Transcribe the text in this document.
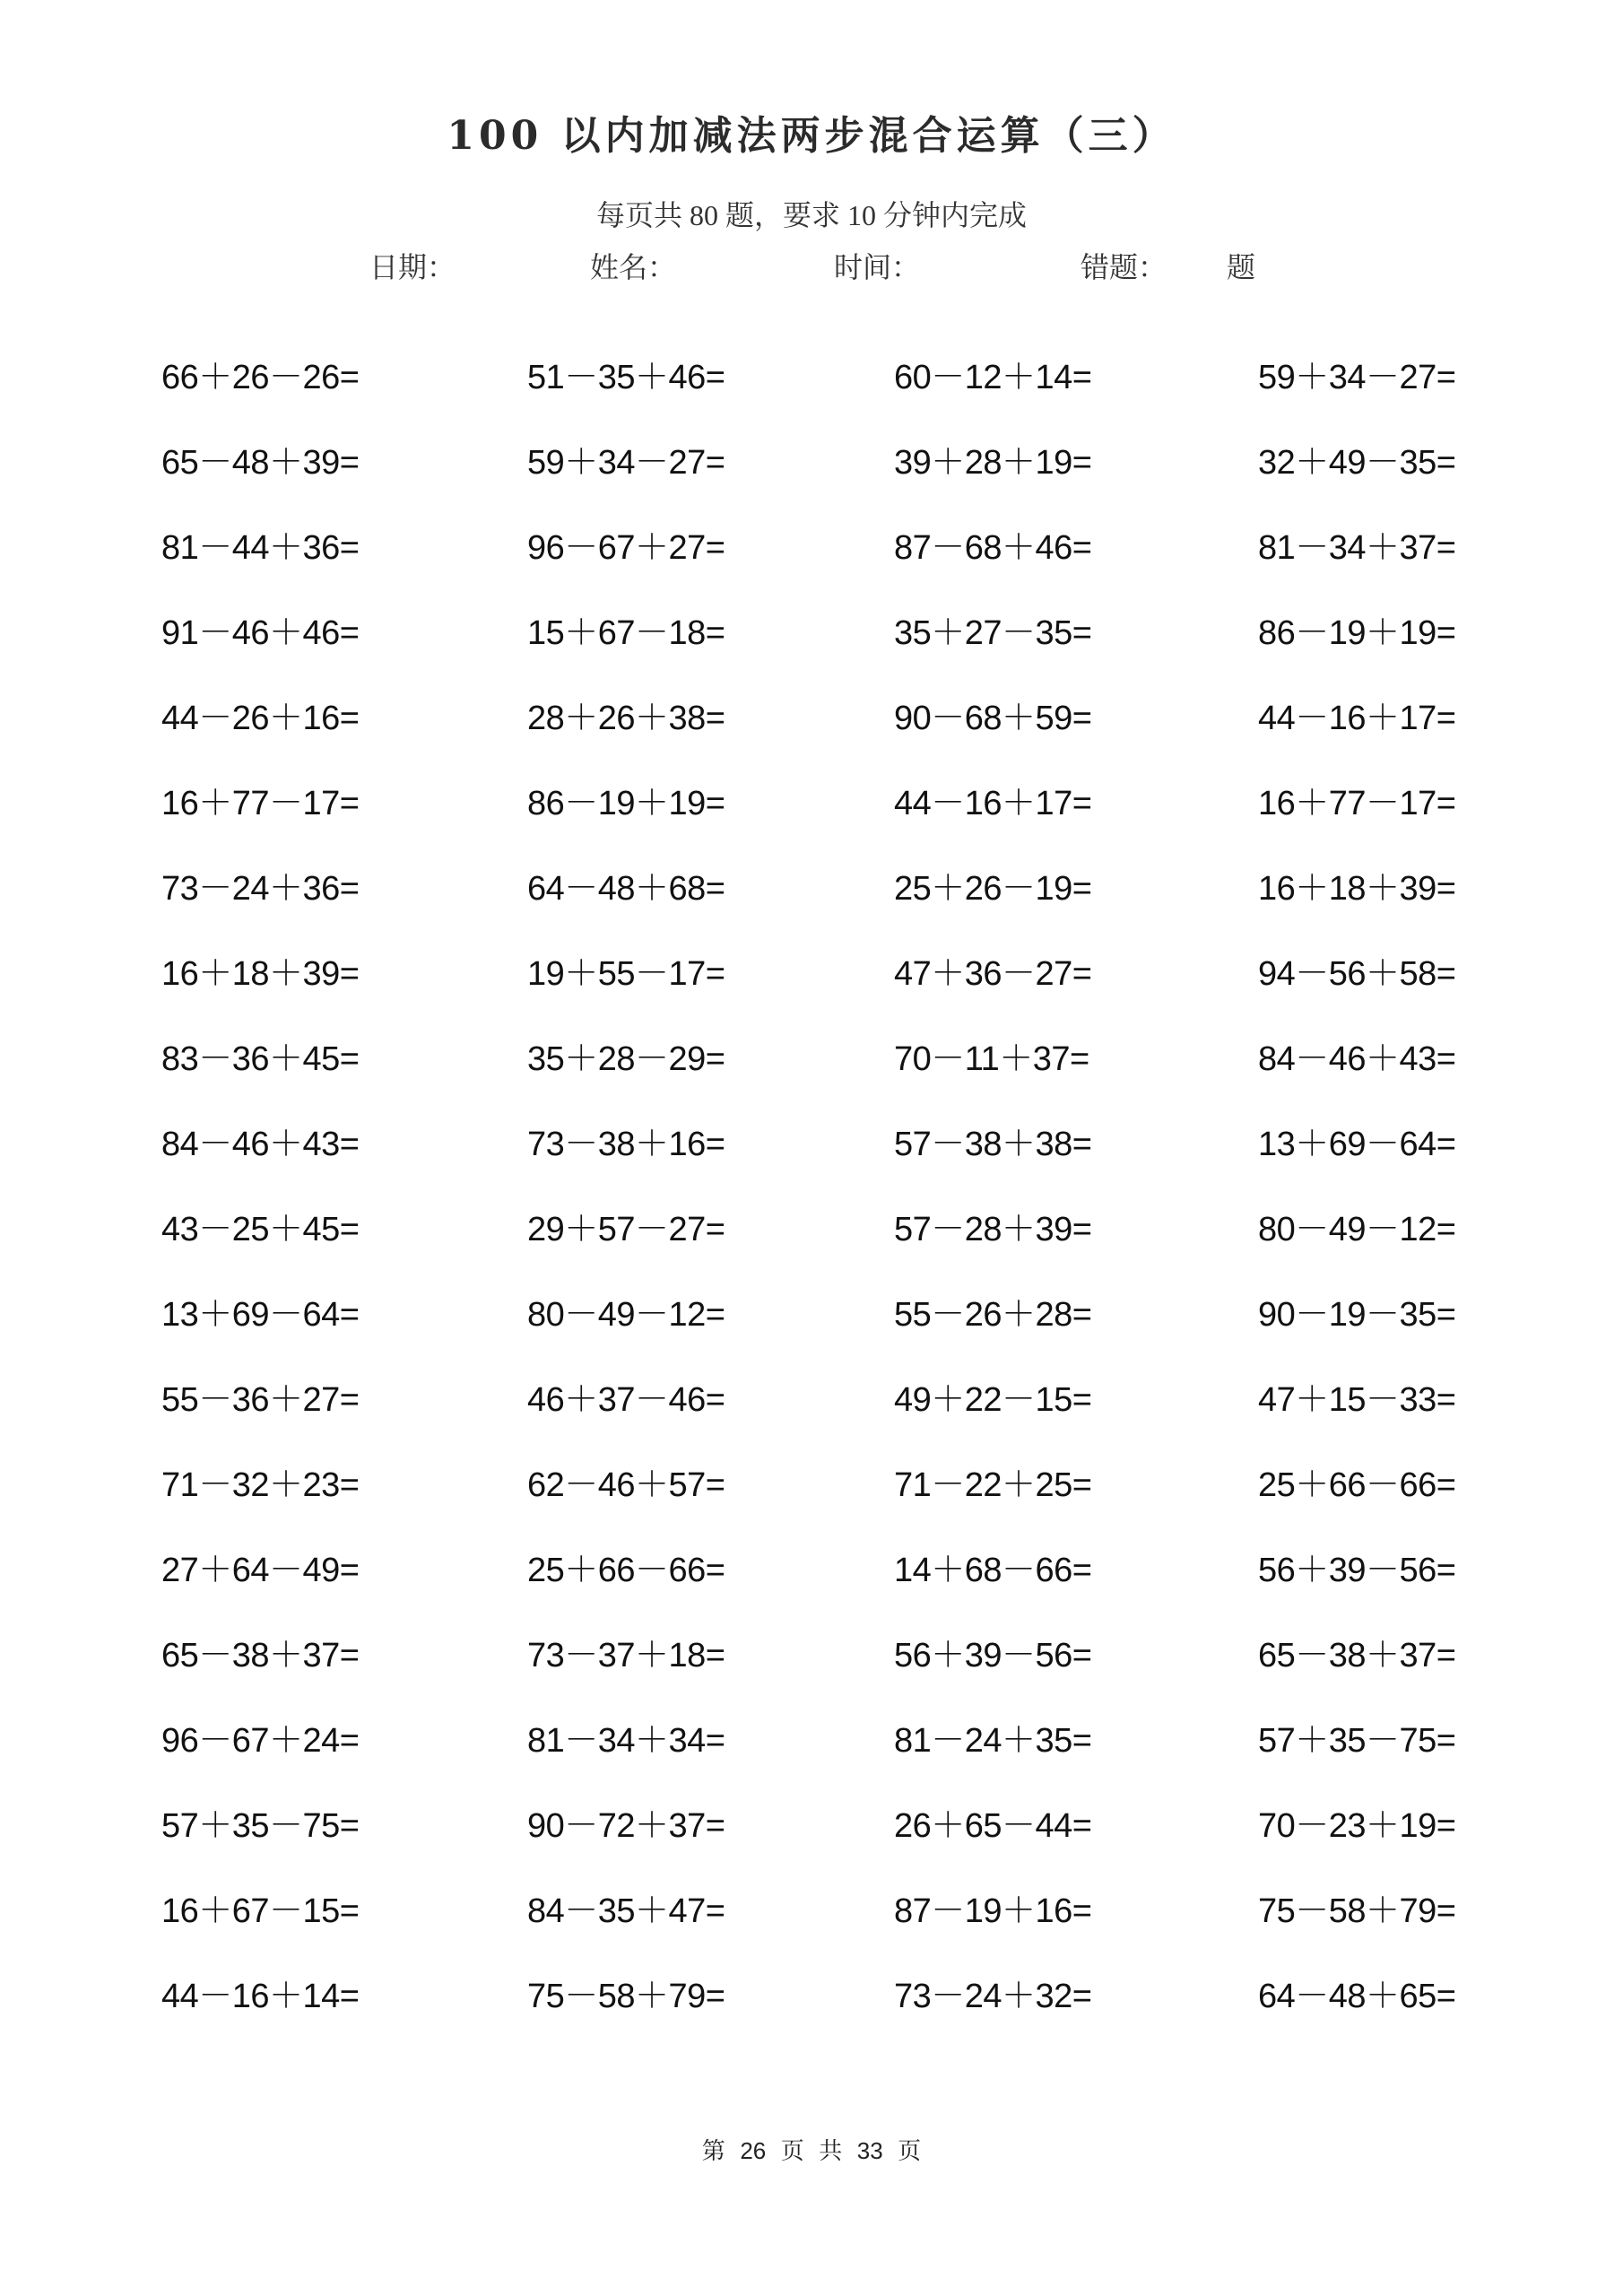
100 以内加减法两步混合运算（三）
每页共 80 题，要求 10 分钟内完成
日期：	姓名：	时间：	错题： 题
66＋26－26=	51－35＋46=	60－12＋14=	59＋34－27=
65－48＋39=	59＋34－27=	39＋28＋19=	32＋49－35=
81－44＋36=	96－67＋27=	87－68＋46=	81－34＋37=
91－46＋46=	15＋67－18=	35＋27－35=	86－19＋19=
44－26＋16=	28＋26＋38=	90－68＋59=	44－16＋17=
16＋77－17=	86－19＋19=	44－16＋17=	16＋77－17=
73－24＋36=	64－48＋68=	25＋26－19=	16＋18＋39=
16＋18＋39=	19＋55－17=	47＋36－27=	94－56＋58=
83－36＋45=	35＋28－29=	70－11＋37=	84－46＋43=
84－46＋43=	73－38＋16=	57－38＋38=	13＋69－64=
43－25＋45=	29＋57－27=	57－28＋39=	80－49－12=
13＋69－64=	80－49－12=	55－26＋28=	90－19－35=
55－36＋27=	46＋37－46=	49＋22－15=	47＋15－33=
71－32＋23=	62－46＋57=	71－22＋25=	25＋66－66=
27＋64－49=	25＋66－66=	14＋68－66=	56＋39－56=
65－38＋37=	73－37＋18=	56＋39－56=	65－38＋37=
96－67＋24=	81－34＋34=	81－24＋35=	57＋35－75=
57＋35－75=	90－72＋37=	26＋65－44=	70－23＋19=
16＋67－15=	84－35＋47=	87－19＋16=	75－58＋79=
44－16＋14=	75－58＋79=	73－24＋32=	64－48＋65=
第 26 页 共 33 页
